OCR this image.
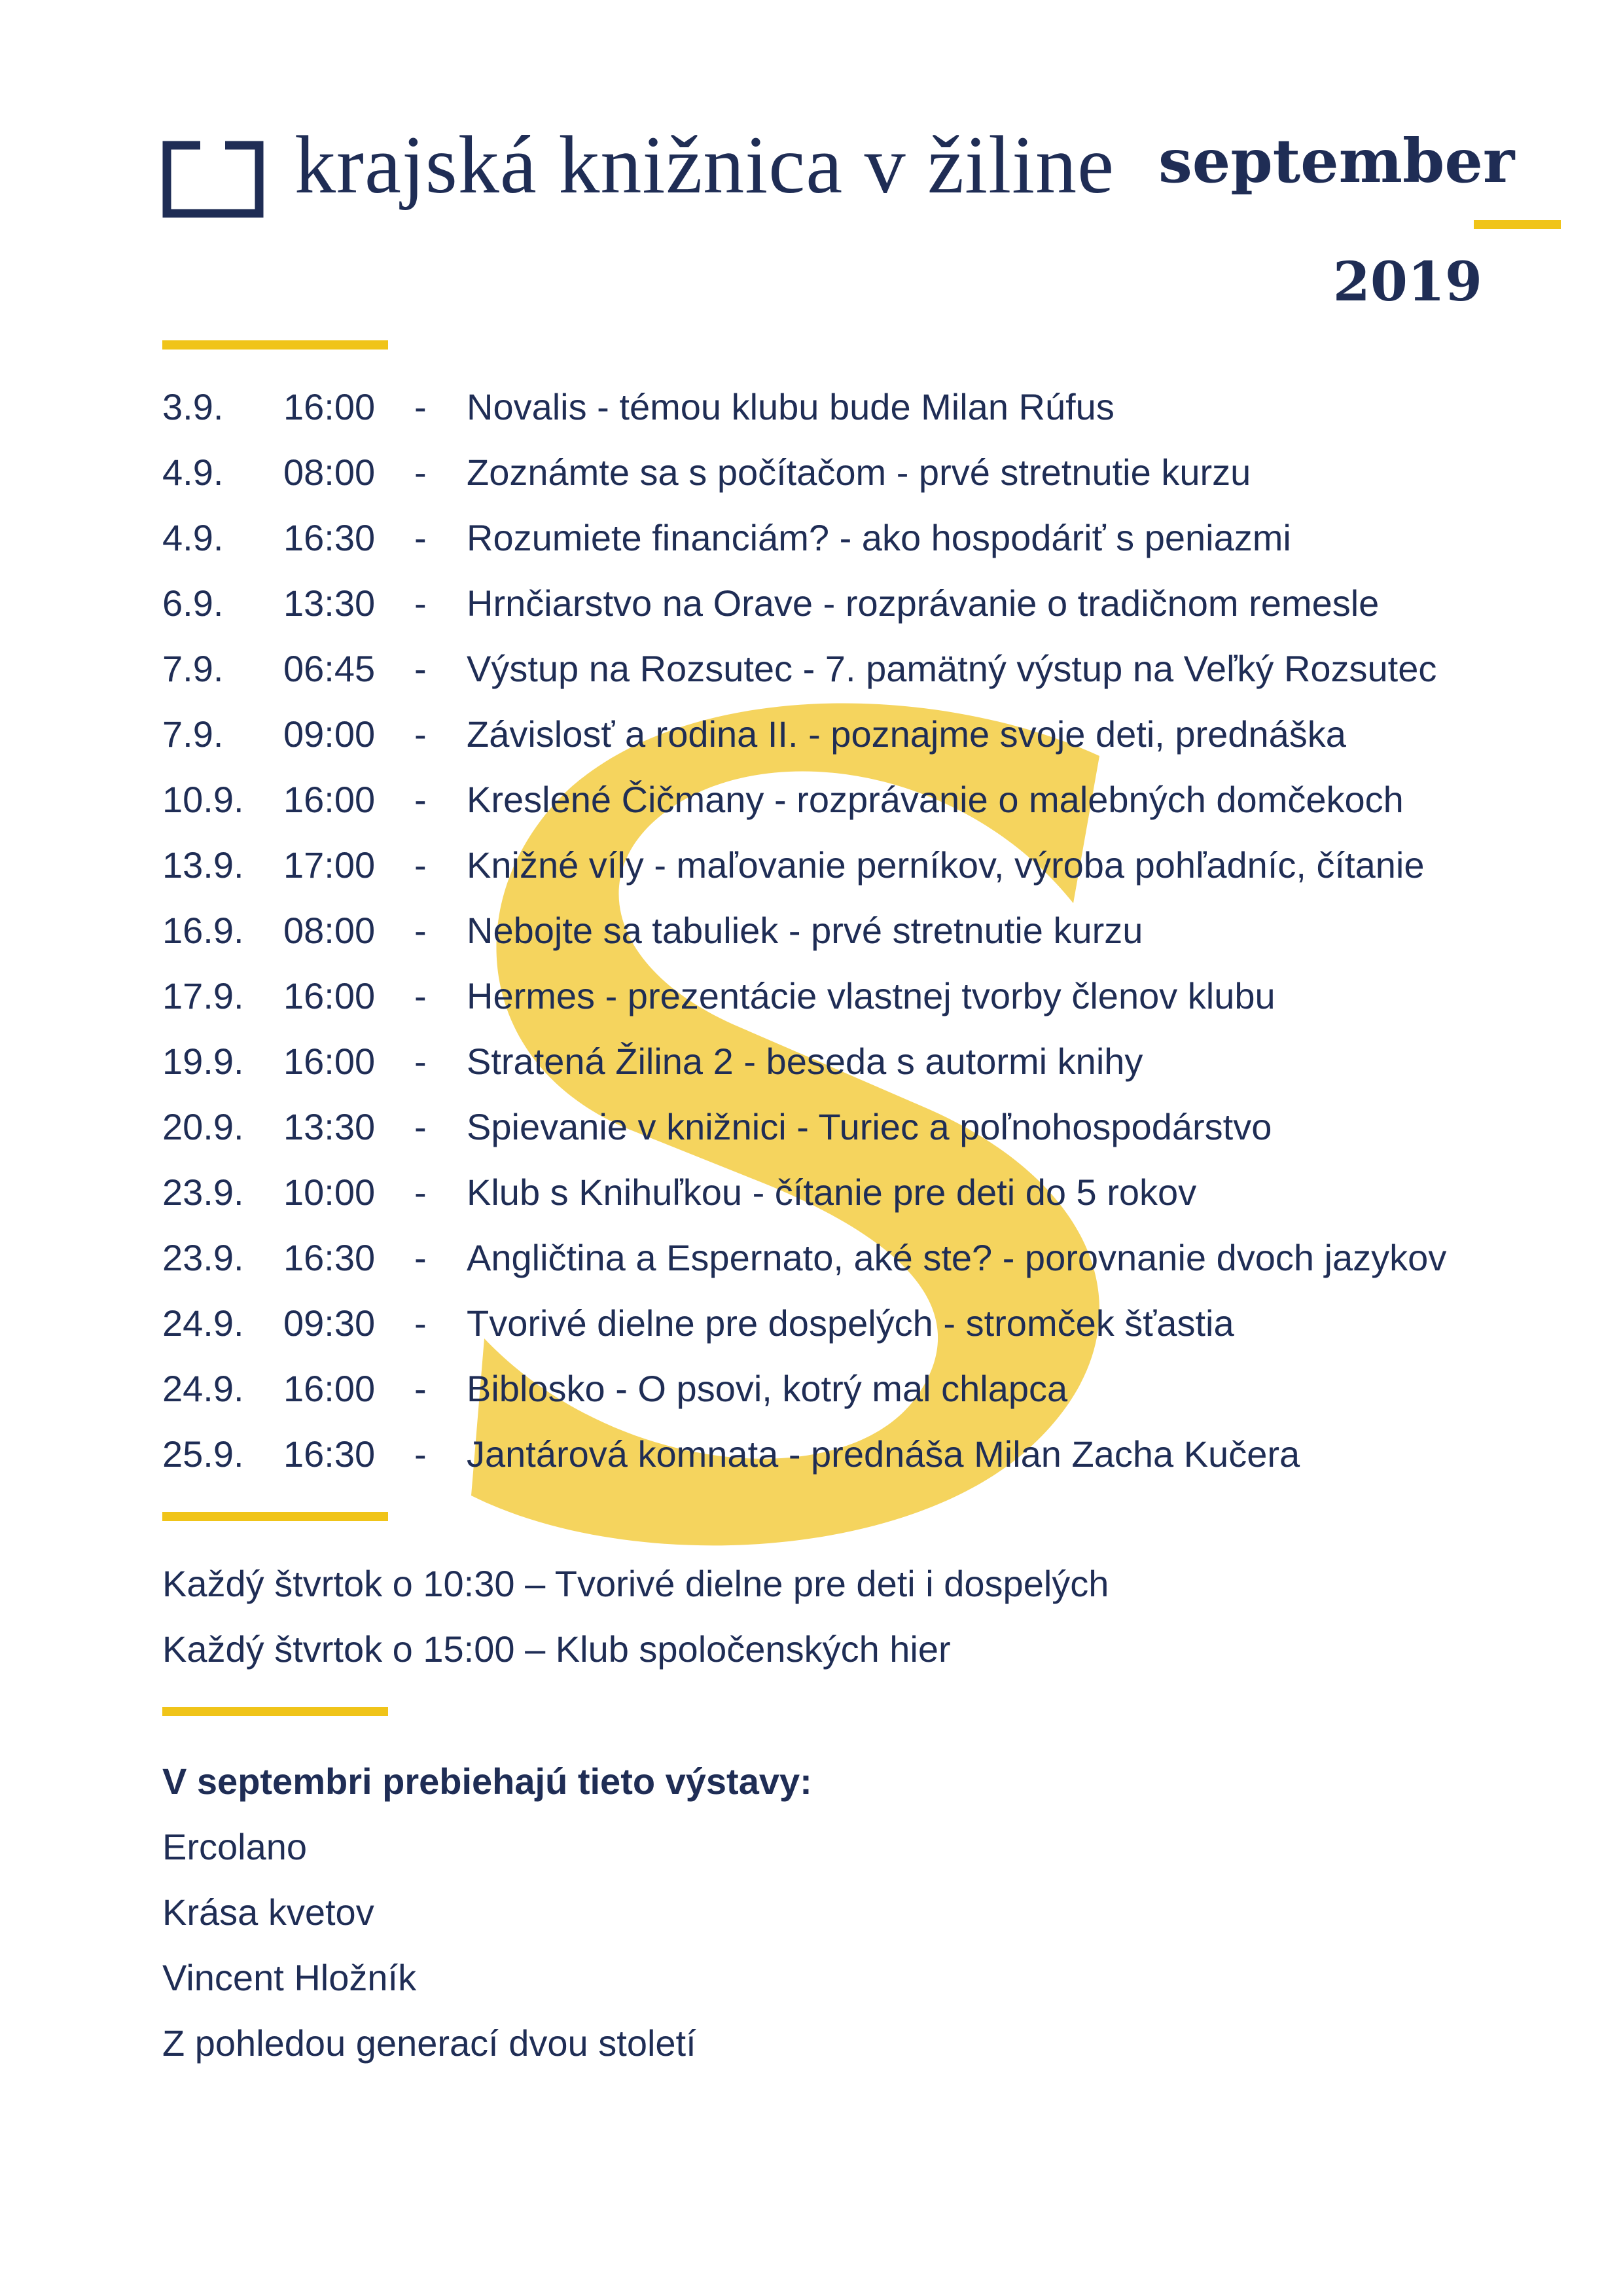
krajská knižnica v žiline september
2019
3.9. 16:00 - Novalis - témou klubu bude Milan Rúfus
4.9. 08:00 - Zoznámte sa s počítačom - prvé stretnutie kurzu
4.9. 16:30 - Rozumiete financiám? - ako hospodáriť s peniazmi
6.9. 13:30 - Hrnčiarstvo na Orave - rozprávanie o tradičnom remesle
7.9. 06:45 - Výstup na Rozsutec - 7. pamätný výstup na Veľký Rozsutec
7.9. 09:00 - Závislosť a rodina II. - poznajme svoje deti, prednáška
10.9. 16:00 - Kreslené Čičmany - rozprávanie o malebných domčekoch
13.9. 17:00 - Knižné víly - maľovanie perníkov, výroba pohľadníc, čítanie
16.9. 08:00 - Nebojte sa tabuliek - prvé stretnutie kurzu
17.9. 16:00 - Hermes - prezentácie vlastnej tvorby členov klubu
19.9. 16:00 - Stratená Žilina 2 - beseda s autormi knihy
20.9. 13:30 - Spievanie v knižnici - Turiec a poľnohospodárstvo
23.9. 10:00 - Klub s Knihuľkou - čítanie pre deti do 5 rokov
23.9. 16:30 - Angličtina a Espernato, aké ste? - porovnanie dvoch jazykov
24.9. 09:30 - Tvorivé dielne pre dospelých - stromček šťastia
24.9. 16:00 - Biblosko - O psovi, kotrý mal chlapca
25.9. 16:30 - Jantárová komnata - prednáša Milan Zacha Kučera
Každý štvrtok o 10:30 – Tvorivé dielne pre deti i dospelých
Každý štvrtok o 15:00 – Klub spoločenských hier
V septembri prebiehajú tieto výstavy:
Ercolano
Krása kvetov
Vincent Hložník
Z pohledou generací dvou století
